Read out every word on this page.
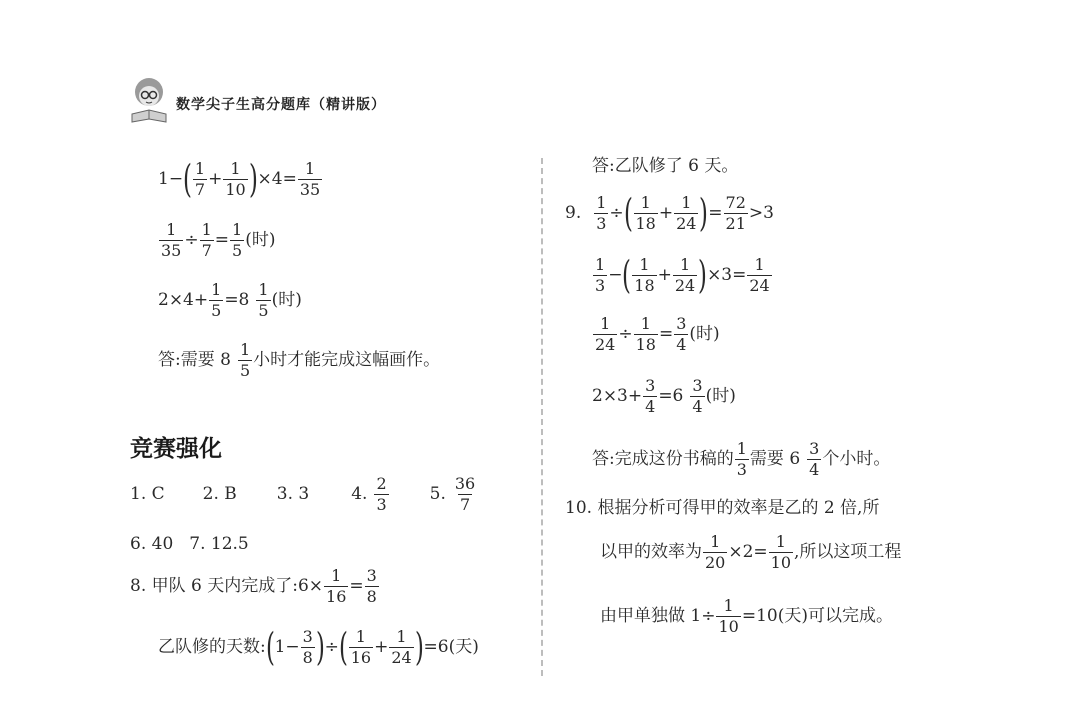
数学尖子生高分题库（精讲版）
1− ( $\frac{1}{7} + \frac{1}{10}$ ) $\times 4= \frac{1}{35}$
$\frac{1}{35} \div \frac{1}{7} = \frac{1}{5}$ (时)
$2\times 4+ \frac{1}{5} =8 \frac{1}{5}$ (时)
答:需要 $8 \frac{1}{5}$ 小时才能完成这幅画作。
竞赛强化
1. C 2. B 3. 3 4. $\frac{2}{3} 5$. $\frac{36}{7}$
6. 40 7. 12.5
8. 甲队 6 天内完成了:6× $\frac{1}{16} = \frac{3}{8}$
乙队修的天数: ( $1- \frac{3}{8}$ ) ÷ ( $\frac{1}{16} + \frac{1}{24}$ ) =6(天)
答:乙队修了 6 天。
9. $\frac{1}{3}$ ÷ ( $\frac{1}{18} + \frac{1}{24}$ ) = $\frac{72}{21} >3$
$\frac{1}{3}$ − ( $\frac{1}{18} + \frac{1}{24}$ ) $\times 3= \frac{1}{24}$
$\frac{1}{24} \div \frac{1}{18} = \frac{3}{4}$ (时)
$2\times 3+ \frac{3}{4} =6 \frac{3}{4}$ (时)
答:完成这份书稿的 $\frac{1}{3}$ 需要 $6 \frac{3}{4}$ 个小时。
10. 根据分析可得甲的效率是乙的 2 倍,所
以甲的效率为 $\frac{1}{20} \times 2= \frac{1}{10}$ ,所以这项工程
由甲单独做 $1\div \frac{1}{10} =10$(天)可以完成。
